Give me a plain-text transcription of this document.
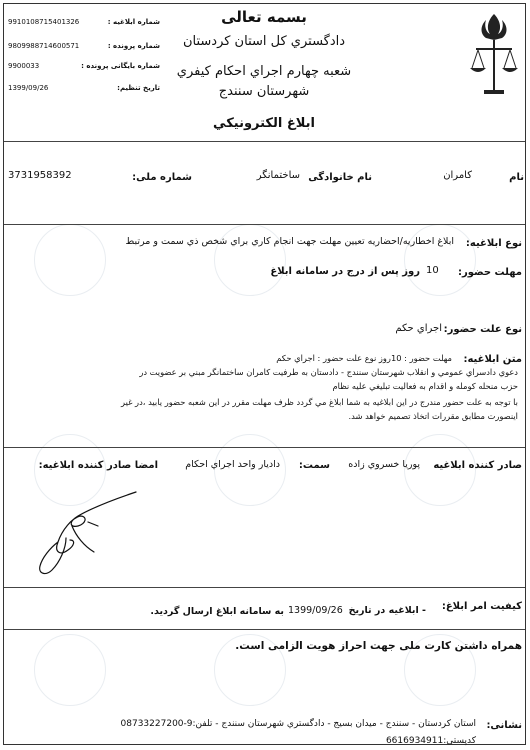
بسمه تعالی
دادگستري كل استان كردستان
شعبه چهارم اجراي احكام كيفري
شهرستان سنندج
ابلاغ الكترونيكي
9910108715401326	شماره ابلاغیه :
9809988714600571	شماره پرونده :
9900033	شماره بایگانی پرونده :
1399/09/26	تاریخ تنظیم:
نام
كامران
نام خانوادگی
ساختمانگر
شماره ملی:
3731958392
نوع ابلاغیه:
ابلاغ اخطاريه/احضاريه تعيين مهلت جهت انجام كاري براي شخص ذي سمت و مرتبط
مهلت حضور:
10
روز پس از درج در سامانه ابلاغ
نوع علت حضور:
اجراي حكم
متن ابلاغیه:
مهلت حضور : 10روز نوع علت حضور : اجراي حكم
دعوي دادسراي عمومي و انقلاب شهرستان سنندج - دادستان به طرفيت كامران ساختمانگر مبني بر عضويت در
حزب منحله كومله و اقدام به فعاليت تبليغي عليه نظام
با توجه به علت حضور مندرج در اين ابلاغيه به شما ابلاغ مي گردد ظرف مهلت مقرر در اين شعبه حضور يابيد ،در غير
اينصورت مطابق مقررات اتخاذ تصميم خواهد شد.
صادر کننده ابلاغیه
پوريا خسروي زاده
سمت:
دادیار واحد اجراي احكام
امضا صادر کننده ابلاغیه:
کیفیت امر ابلاغ:
- ابلاغیه در تاریخ
1399/09/26
به سامانه ابلاغ ارسال گرديد.
همراه داشتن كارت ملی جهت احراز هويت الزامی است.
نشانی:
استان كردستان - سنندج - ميدان بسيج - دادگستري شهرستان سنندج - تلفن:9-08733227200
كدپستی:6616934911
